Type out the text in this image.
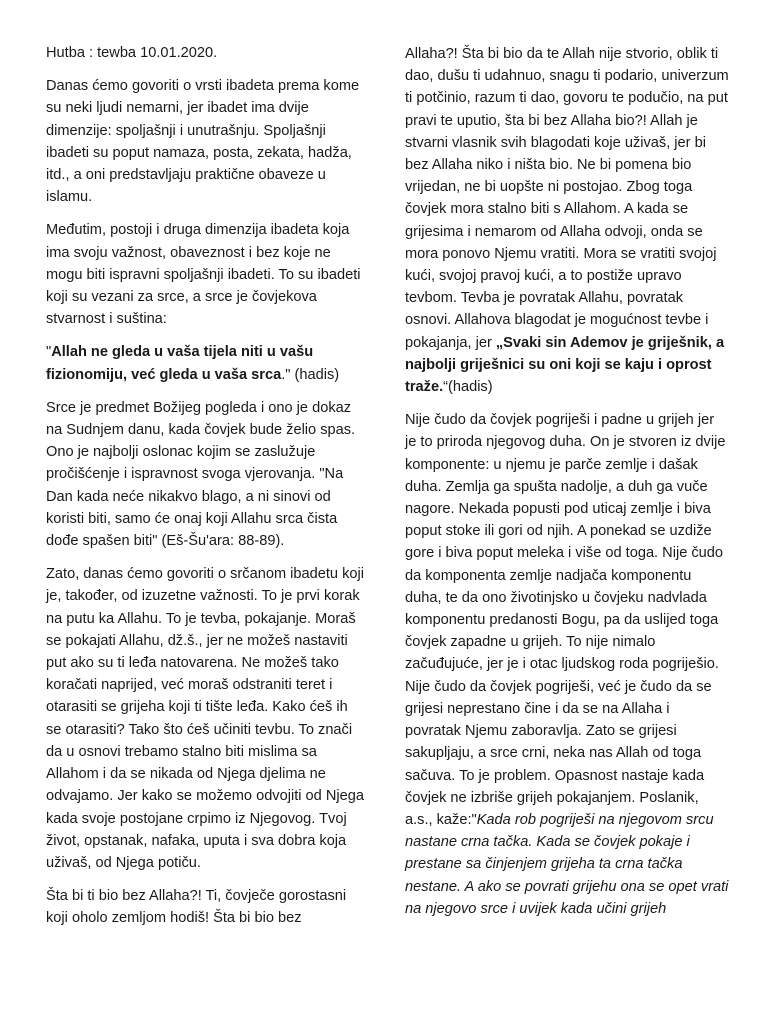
Hutba : tewba 10.01.2020.

Danas ćemo govoriti o vrsti ibadeta prema kome su neki ljudi nemarni, jer ibadet ima dvije dimenzije: spoljašnji i unutrašnju. Spoljašnji ibadeti su poput namaza, posta, zekata, hadža, itd., a oni predstavljaju praktične obaveze u islamu.

Međutim, postoji i druga dimenzija ibadeta koja ima svoju važnost, obaveznost i bez koje ne mogu biti ispravni spoljašnji ibadeti. To su ibadeti koji su vezani za srce, a srce je čovjekova stvarnost i suština:

"Allah ne gleda u vaša tijela niti u vašu fizionomiju, već gleda u vaša srca." (hadis)

Srce je predmet Božijeg pogleda i ono je dokaz na Sudnjem danu, kada čovjek bude želio spas. Ono je najbolji oslonac kojim se zaslužuje pročišćenje i ispravnost svoga vjerovanja. "Na Dan kada neće nikakvo blago, a ni sinovi od koristi biti, samo će onaj koji Allahu srca čista dođe spašen biti" (Eš-Šu'ara: 88-89).

Zato, danas ćemo govoriti o srčanom ibadetu koji je, također, od izuzetne važnosti. To je prvi korak na putu ka Allahu. To je tevba, pokajanje. Moraš se pokajati Allahu, dž.š., jer ne možeš nastaviti put ako su ti leđa natovarena. Ne možeš tako koračati naprijed, već moraš odstraniti teret i otarasiti se grijeha koji ti tište leđa. Kako ćeš ih se otarasiti? Tako što ćeš učiniti tevbu. To znači da u osnovi trebamo stalno biti mislima sa Allahom i da se nikada od Njega djelima ne odvajamo. Jer kako se možemo odvojiti od Njega kada svoje postojane crpimo iz Njegovog. Tvoj život, opstanak, nafaka, uputa i sva dobra koja uživaš, od Njega potiču.

Šta bi ti bio bez Allaha?! Ti, čovječe gorostasni koji oholo zemljom hodiš! Šta bi bio bez

Allaha?! Šta bi bio da te Allah nije stvorio, oblik ti dao, dušu ti udahnuo, snagu ti podario, univerzum ti potčinio, razum ti dao, govoru te podučio, na put pravi te uputio, šta bi bez Allaha bio?! Allah je stvarni vlasnik svih blagodati koje uživaš, jer bi bez Allaha niko i ništa bio. Ne bi pomena bio vrijedan, ne bi uopšte ni postojao. Zbog toga čovjek mora stalno biti s Allahom. A kada se grijesima i nemarom od Allaha odvoji, onda se mora ponovo Njemu vratiti. Mora se vratiti svojoj kući, svojoj pravoj kući, a to postiže upravo tevbom. Tevba je povratak Allahu, povratak osnovi. Allahova blagodat je mogućnost tevbe i pokajanja, jer „Svaki sin Ademov je griješnik, a najbolji griješnici su oni koji se kaju i oprost traže.“(hadis)

Nije čudo da čovjek pogriješi i padne u grijeh jer je to priroda njegovog duha. On je stvoren iz dvije komponente: u njemu je parče zemlje i dašak duha. Zemlja ga spušta nadolje, a duh ga vuče nagore. Nekada popusti pod uticaj zemlje i biva poput stoke ili gori od njih. A ponekad se uzdiže gore i biva poput meleka i više od toga. Nije čudo da komponenta zemlje nadjača komponentu duha, te da ono životinjsko u čovjeku nadvlada komponentu predanosti Bogu, pa da uslijed toga čovjek zapadne u grijeh. To nije nimalo začuđujuće, jer je i otac ljudskog roda pogriješio. Nije čudo da čovjek pogriješi, već je čudo da se grijesi neprestano čine i da se na Allaha i povratak Njemu zaboravlja. Zato se grijesi sakupljaju, a srce crni, neka nas Allah od toga sačuva. To je problem. Opasnost nastaje kada čovjek ne izbriše grijeh pokajanjem. Poslanik, a.s., kaže:"Kada rob pogriješi na njegovom srcu nastane crna tačka. Kada se čovjek pokaje i prestane sa činjenjem grijeha ta crna tačka nestane. A ako se povrati grijehu ona se opet vrati na njegovo srce i uvijek kada učini grijeh
